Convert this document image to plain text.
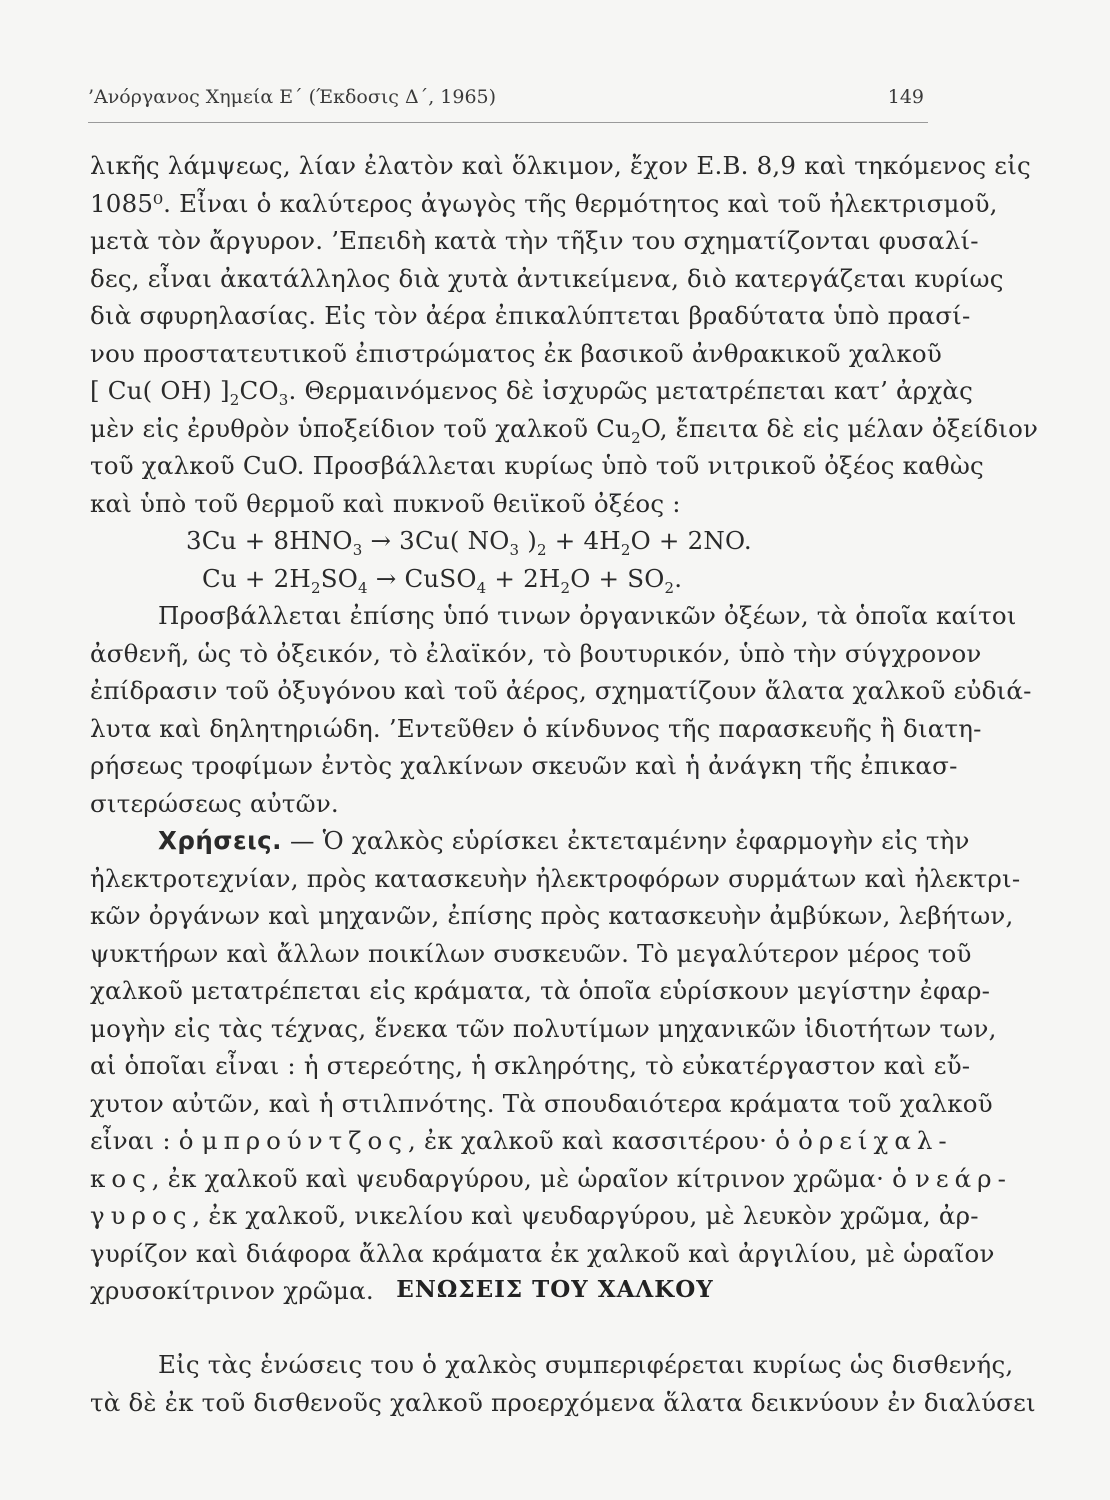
’Ανόργανος Χημεία Ε΄ (Έκδοσις Δ΄, 1965)	149
λικῆς λάμψεως, λίαν ἐλατὸν καὶ ὅλκιμον, ἔχον Ε.Β. 8,9 καὶ τηκόμενος εἰς
1085⁰. Εἶναι ὁ καλύτερος ἀγωγὸς τῆς θερμότητος καὶ τοῦ ἠλεκτρισμοῦ,
μετὰ τὸν ἄργυρον. ’Επειδὴ κατὰ τὴν τῆξιν του σχηματίζονται φυσαλί-
δες, εἶναι ἀκατάλληλος διὰ χυτὰ ἀντικείμενα, διὸ κατεργάζεται κυρίως
διὰ σφυρηλασίας. Εἰς τὸν ἀέρα ἐπικαλύπτεται βραδύτατα ὑπὸ πρασί-
νου προστατευτικοῦ ἐπιστρώματος ἐκ βασικοῦ ἀνθρακικοῦ χαλκοῦ
[ Cu( OH) ]$_2CO_3$. Θερμαινόμενος δὲ ἰσχυρῶς μετατρέπεται κατ’ ἀρχὰς
μὲν εἰς ἐρυθρὸν ὑποξείδιον τοῦ χαλκοῦ $Cu_2O$, ἔπειτα δὲ εἰς μέλαν ὀξείδιον
τοῦ χαλκοῦ CuO. Προσβάλλεται κυρίως ὑπὸ τοῦ νιτρικοῦ ὀξέος καθὼς
καὶ ὑπὸ τοῦ θερμοῦ καὶ πυκνοῦ θειϊκοῦ ὀξέος :
$3Cu + 8HNO_3 \to 3Cu$( $NO_3$ )$_2 + 4H_2O + 2NO$.
$Cu + 2H_2SO_4$ → CuSO$_4$ + $2H_2O + SO_2$.
Προσβάλλεται ἐπίσης ὑπό τινων ὀργανικῶν ὀξέων, τὰ ὁποῖα καίτοι
ἀσθενῆ, ὡς τὸ ὀξεικόν, τὸ ἐλαϊκόν, τὸ βουτυρικόν, ὑπὸ τὴν σύγχρονον
ἐπίδρασιν τοῦ ὀξυγόνου καὶ τοῦ ἀέρος, σχηματίζουν ἅλατα χαλκοῦ εὐδιά-
λυτα καὶ δηλητηριώδη. ’Εντεῦθεν ὁ κίνδυνος τῆς παρασκευῆς ἢ διατη-
ρήσεως τροφίμων ἐντὸς χαλκίνων σκευῶν καὶ ἡ ἀνάγκη τῆς ἐπικασ-
σιτερώσεως αὐτῶν.
Χρήσεις. — Ὁ χαλκὸς εὑρίσκει ἐκτεταμένην ἐφαρμογὴν εἰς τὴν
ἠλεκτροτεχνίαν, πρὸς κατασκευὴν ἠλεκτροφόρων συρμάτων καὶ ἠλεκτρι-
κῶν ὀργάνων καὶ μηχανῶν, ἐπίσης πρὸς κατασκευὴν ἀμβύκων, λεβήτων,
ψυκτήρων καὶ ἄλλων ποικίλων συσκευῶν. Τὸ μεγαλύτερον μέρος τοῦ
χαλκοῦ μετατρέπεται εἰς κράματα, τὰ ὁποῖα εὑρίσκουν μεγίστην ἐφαρ-
μογὴν εἰς τὰς τέχνας, ἕνεκα τῶν πολυτίμων μηχανικῶν ἰδιοτήτων των,
αἱ ὁποῖαι εἶναι : ἡ στερεότης, ἡ σκληρότης, τὸ εὐκατέργαστον καὶ εὔ-
χυτον αὐτῶν, καὶ ἡ στιλπνότης. Τὰ σπουδαιότερα κράματα τοῦ χαλκοῦ
εἶναι : ὁ μπρούντζος, ἐκ χαλκοῦ καὶ κασσιτέρου· ὁ ὀρείχαλ-
κος, ἐκ χαλκοῦ καὶ ψευδαργύρου, μὲ ὡραῖον κίτρινον χρῶμα· ὁ νεάρ-
γυρος, ἐκ χαλκοῦ, νικελίου καὶ ψευδαργύρου, μὲ λευκὸν χρῶμα, ἀρ-
γυρίζον καὶ διάφορα ἄλλα κράματα ἐκ χαλκοῦ καὶ ἀργιλίου, μὲ ὡραῖον
χρυσοκίτρινον χρῶμα. ΕΝΩΣΕΙΣ ΤΟΥ ΧΑΛΚΟΥ
Εἰς τὰς ἑνώσεις του ὁ χαλκὸς συμπεριφέρεται κυρίως ὡς δισθενής,
τὰ δὲ ἐκ τοῦ δισθενοῦς χαλκοῦ προερχόμενα ἅλατα δεικνύουν ἐν διαλύσει
